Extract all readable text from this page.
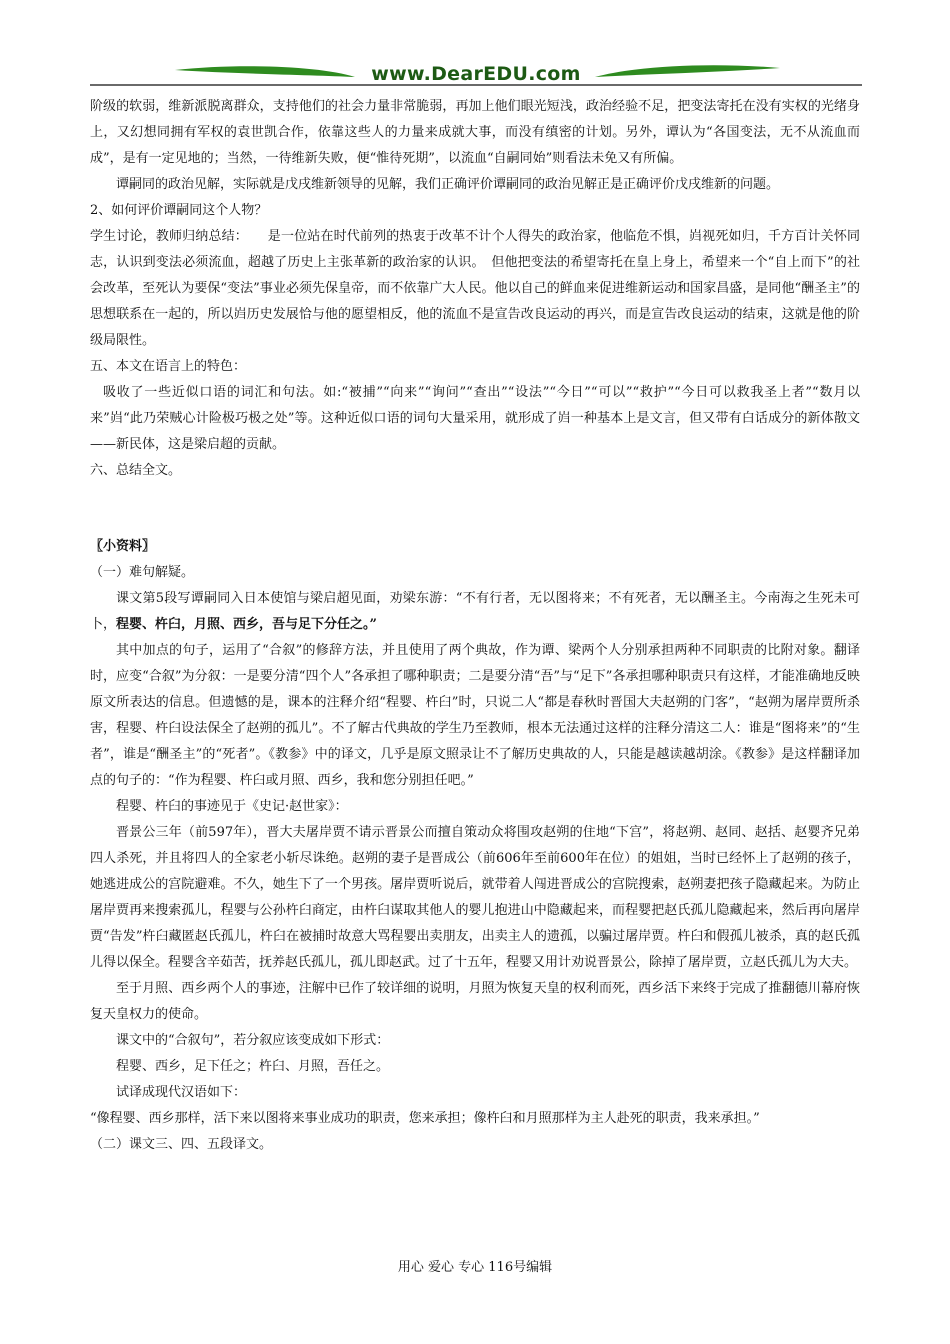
www.DearEDU.com

阶级的软弱，维新派脱离群众，支持他们的社会力量非常脆弱，再加上他们眼光短浅，政治经验不足，把变法寄托在没有实权的光绪身上，又幻想同拥有军权的袁世凯合作，依靠这些人的力量来成就大事，而没有缜密的计划。另外，谭认为“各国变法，无不从流血而成”，是有一定见地的；当然，一待维新失败，便“惟待死期”，以流血“自嗣同始”则看法未免又有所偏。

谭嗣同的政治见解，实际就是戊戌维新领导的见解，我们正确评价谭嗣同的政治见解正是正确评价戊戌维新的问题。

2、如何评价谭嗣同这个人物？

学生讨论，教师归纳总结：　　是一位站在时代前列的热衷于改革不计个人得失的政治家，他临危不惧，岿视死如归，千方百计关怀同志，认识到变法必须流血，超越了历史上主张革新的政治家的认识。　但他把变法的希望寄托在皇上身上，希望来一个“自上而下”的社会改革，至死认为要保“变法”事业必须先保皇帝，而不依靠广大人民。他以自己的鲜血来促进维新运动和国家昌盛，是同他“酬圣主”的思想联系在一起的，所以岿历史发展恰与他的愿望相反，他的流血不是宣告改良运动的再兴，而是宣告改良运动的结束，这就是他的阶级局限性。

五、本文在语言上的特色：

吸收了一些近似口语的词汇和句法。如:“被捕”“向来”“询问”“查出”“设法”“今日”“可以”“救护”“今日可以救我圣上者”“数月以来”岿“此乃荣贼心计险极巧极之处”等。这种近似口语的词句大量采用，就形成了岿一种基本上是文言，但又带有白话成分的新体散文——新民体，这是梁启超的贡献。

六、总结全文。

〖小资料〗

（一）难句解疑。

课文第5段写谭嗣同入日本使馆与梁启超见面，劝梁东游：“不有行者，无以图将来；不有死者，无以酬圣主。今南海之生死未可卜，程婴、杵臼，月照、西乡，吾与足下分任之。”

其中加点的句子，运用了“合叙”的修辞方法，并且使用了两个典故，作为谭、梁两个人分别承担两种不同职责的比附对象。翻译时，应变“合叙”为分叙：一是要分清“四个人”各承担了哪种职责；二是要分清“吾”与“足下”各承担哪种职责只有这样，才能准确地反映原文所表达的信息。但遗憾的是，课本的注释介绍“程婴、杵臼”时，只说二人“都是春秋时晋国大夫赵朔的门客”，“赵朔为屠岸贾所杀害，程婴、杵臼设法保全了赵朔的孤儿”。不了解古代典故的学生乃至教师，根本无法通过这样的注释分清这二人：谁是“图将来”的“生者”，谁是“酬圣主”的“死者”。《教参》中的译文，几乎是原文照录让不了解历史典故的人，只能是越读越胡涂。《教参》是这样翻译加点的句子的：“作为程婴、杵臼或月照、西乡，我和您分别担任吧。”

程婴、杵臼的事迹见于《史记·赵世家》：

晋景公三年（前597年），晋大夫屠岸贾不请示晋景公而擅自策动众将围攻赵朔的住地“下宫”，将赵朔、赵同、赵括、赵婴齐兄弟四人杀死，并且将四人的全家老小斩尽诛绝。赵朔的妻子是晋成公（前606年至前600年在位）的姐姐，当时已经怀上了赵朔的孩子，她逃进成公的宫院避难。不久，她生下了一个男孩。屠岸贾听说后，就带着人闯进晋成公的宫院搜索，赵朔妻把孩子隐藏起来。为防止屠岸贾再来搜索孤儿，程婴与公孙杵臼商定，由杵臼谋取其他人的婴儿抱进山中隐藏起来，而程婴把赵氏孤儿隐藏起来，然后再向屠岸贾“告发”杵臼藏匿赵氏孤儿，杵臼在被捕时故意大骂程婴出卖朋友，出卖主人的遗孤，以骗过屠岸贾。杵臼和假孤儿被杀，真的赵氏孤儿得以保全。程婴含辛茹苦，抚养赵氏孤儿，孤儿即赵武。过了十五年，程婴又用计劝说晋景公，除掉了屠岸贾，立赵氏孤儿为大夫。

至于月照、西乡两个人的事迹，注解中已作了较详细的说明，月照为恢复天皇的权利而死，西乡活下来终于完成了推翻德川幕府恢复天皇权力的使命。

课文中的“合叙句”，若分叙应该变成如下形式：

程婴、西乡，足下任之；杵臼、月照，吾任之。

试译成现代汉语如下：

“像程婴、西乡那样，活下来以图将来事业成功的职责，您来承担；像杵臼和月照那样为主人赴死的职责，我来承担。”

（二）课文三、四、五段译文。

用心 爱心 专心 116号编辑
